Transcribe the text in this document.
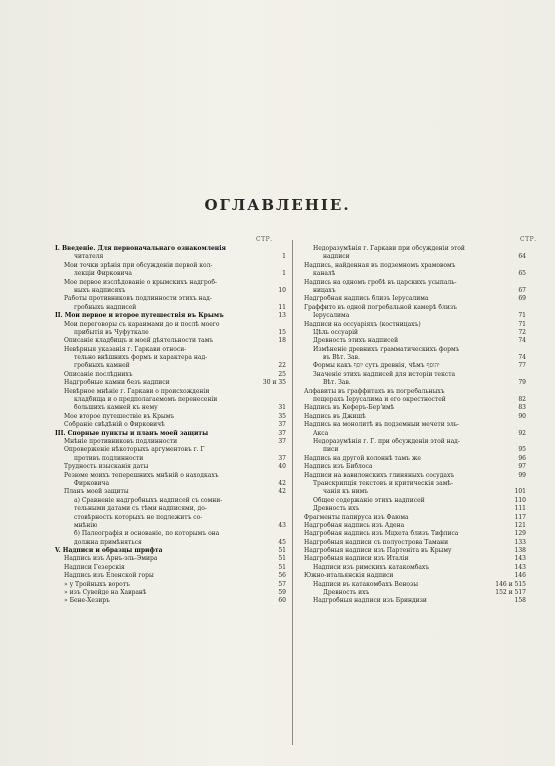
ОГЛАВЛЕНІЕ.
СТР.	СТР.
I. Введеніе. Для первоначальнаго ознакомленія
читателя	1
Мои точки зрѣнія при обсужденіи первой кол-
лекціи Фирковича	1
Мое первое изслѣдованіе о крымскихъ надгроб-
ныхъ надписяхъ	10
Работы противниковъ подлинности этихъ над-
гробныхъ надписей	11
II. Мои первое и второе путешествія въ Крымъ	13
Мои переговоры съ караимами до и послѣ моего
прибытія въ Чуфуткале	15
Описаніе кладбищъ и моей дѣятельности тамъ	18
Невѣрныя указанія г. Гаркави относи-
тельно внѣшнихъ формъ и характера над-
гробныхъ камней	22
Описаніе послѣднихъ	25
Надгробные камни безъ надписи	30 и 35
Невѣрное мнѣніе г. Гаркави о происхожденіи
кладбища и о предполагаемомъ перенесеніи
большихъ камней къ нему	31
Мое второе путешествіе въ Крымъ	35
Собраніе свѣдѣній о Фирковичѣ	37
III. Спорные пункты и планъ моей защиты	37
Мнѣніе противниковъ подлинности	37
Опроверженіе нѣкоторыхъ аргументовъ г. Г
противъ подлинности	37
Трудность изысканія даты	40
Резюме моихъ теперешнихъ мнѣній о находкахъ
Фирковича	42
Планъ моей защиты	42
а) Сравненіе надгробныхъ надписей съ сомни-
тельными датами съ тѣми надписями, до-
стовѣрность которыхъ не подлежитъ со-
мнѣнію	43
б) Палеографія и основаніе, по которымъ она
должна примѣняться	45
V. Надписи и образцы шрифта	51
Надпись изъ Арнъ-эль-Эмира	51
Надписи Гезерскія	51
Надпись изъ Еленской горы	56
» у Тройныхъ воротъ	57
» изъ Сувейде на Хавранѣ	59
» Бене-Хезиръ	60
Недоразумѣнія г. Гаркави при обсужденіи этой
надписи	64
Надпись, найденная въ подземномъ храмовомъ
каналѣ	65
Надпись на одномъ гробѣ въ царскихъ усыпаль-
ницахъ	67
Надгробная надпись близъ Іерусалима	69
Граффито въ одной погребальной камерѣ близъ
Іерусалима	71
Надписи на оссуаріяхъ (костницахъ)	71
Цѣль оссуарій	72
Древность этихъ надписей	74
Измѣненіе древнихъ грамматическихъ формъ
въ Вѣт. Зав.	74
Формы какъ יוסף суть древнія, чѣмъ יהוסף	77
Значеніе этихъ надписей для исторіи текста
Вѣт. Зав.	79
Алфавиты въ граффитахъ въ погребальныхъ
пещерахъ Іерусалима и его окрестностей	82
Надпись въ Кеферъ-Берʼимѣ	83
Надпись въ Джишѣ	90
Надпись на монолитѣ въ подземныи мечети эль-
Акса	92
Недоразумѣнія г. Г. при обсужденіи этой над-
писи	95
Надпись на другой колоннѣ тамъ же	96
Надпись изъ Библоса	97
Надписи на вавилонскихъ глиняныхъ сосудахъ	99
Транскрипція текстовъ и критическія замѣ-
чанія къ нимъ	101
Общее содержаніе этихъ надписей	110
Древность ихъ	111
Фрагменты папируса изъ Фаюма	117
Надгробная надпись изъ Адена	121
Надгробная надпись изъ Мцхета близъ Тифлиса	129
Надгробныя надписи съ полуострова Тамани	133
Надгробныя надписи изъ Партеніта въ Крыму	138
Надгробныя надписи изъ Италіи	143
Надписи изъ римскихъ катакомбахъ	143
Южно-итальянскія надписи	146
Надписи въ катакомбахъ Венозы	146 и 515
Древность ихъ	152 и 517
Надгробныя надписи изъ Бриндизи	158
